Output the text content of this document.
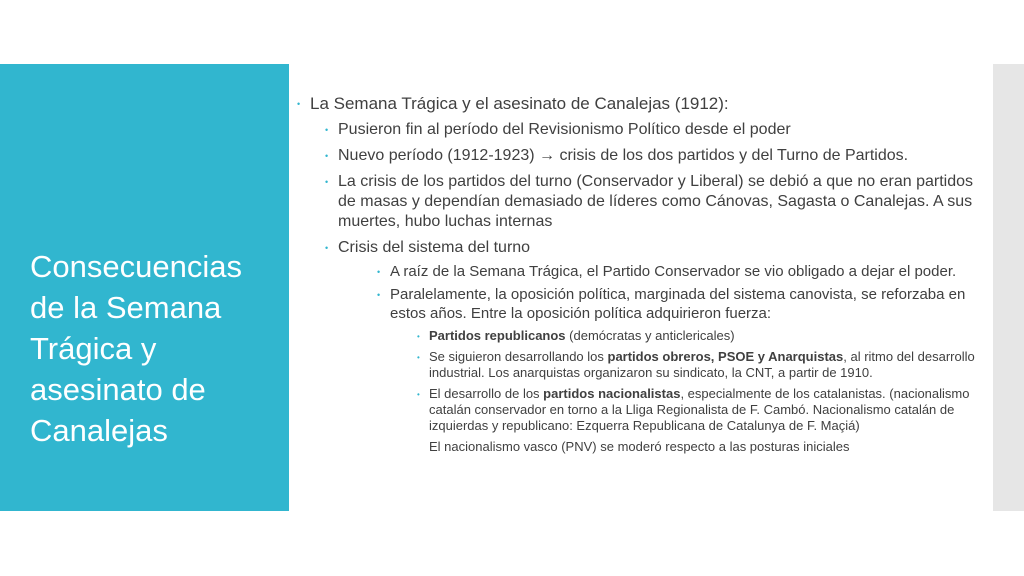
Consecuencias de la Semana Trágica y asesinato de Canalejas
• La Semana Trágica y el asesinato de Canalejas (1912):
• Pusieron fin al período del Revisionismo Político desde el poder
• Nuevo período (1912-1923) → crisis de los dos partidos y del Turno de Partidos.
• La crisis de los partidos del turno (Conservador y Liberal) se debió a que no eran partidos de masas y dependían demasiado de líderes como Cánovas, Sagasta o Canalejas. A sus muertes, hubo luchas internas
• Crisis del sistema del turno
• A raíz de la Semana Trágica, el Partido Conservador se vio obligado a dejar el poder.
• Paralelamente, la oposición política, marginada del sistema canovista, se reforzaba en estos años. Entre la oposición política adquirieron fuerza:
• Partidos republicanos (demócratas y anticlericales)
• Se siguieron desarrollando los partidos obreros, PSOE y Anarquistas, al ritmo del desarrollo industrial. Los anarquistas organizaron su sindicato, la CNT, a partir de 1910.
• El desarrollo de los partidos nacionalistas, especialmente de los catalanistas. (nacionalismo catalán conservador en torno a la Lliga Regionalista de F. Cambó. Nacionalismo catalán de izquierdas y republicano: Ezquerra Republicana de Catalunya de F. Maçiá)
El nacionalismo vasco (PNV) se moderó respecto a las posturas iniciales
